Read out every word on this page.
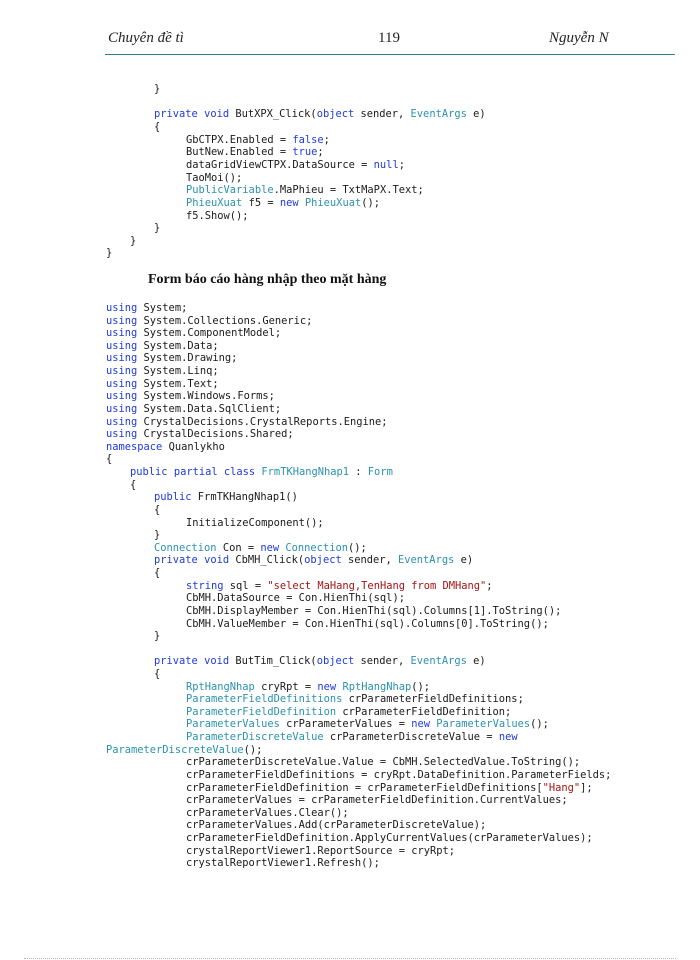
Chuyên đề tì	119	Nguyễn N
}
private void ButXPX_Click(object sender, EventArgs e)
{
GbCTPX.Enabled = false;
ButNew.Enabled = true;
dataGridViewCTPX.DataSource = null;
TaoMoi();
PublicVariable.MaPhieu = TxtMaPX.Text;
PhieuXuat f5 = new PhieuXuat();
f5.Show();
}
}
}
Form báo cáo hàng nhập theo mặt hàng
using System;
using System.Collections.Generic;
using System.ComponentModel;
using System.Data;
using System.Drawing;
using System.Linq;
using System.Text;
using System.Windows.Forms;
using System.Data.SqlClient;
using CrystalDecisions.CrystalReports.Engine;
using CrystalDecisions.Shared;
namespace Quanlykho
{
public partial class FrmTKHangNhap1 : Form
{
public FrmTKHangNhap1()
{
InitializeComponent();
}
Connection Con = new Connection();
private void CbMH_Click(object sender, EventArgs e)
{
string sql = "select MaHang,TenHang from DMHang";
CbMH.DataSource = Con.HienThi(sql);
CbMH.DisplayMember = Con.HienThi(sql).Columns[1].ToString();
CbMH.ValueMember = Con.HienThi(sql).Columns[0].ToString();
}
private void ButTim_Click(object sender, EventArgs e)
{
RptHangNhap cryRpt = new RptHangNhap();
ParameterFieldDefinitions crParameterFieldDefinitions;
ParameterFieldDefinition crParameterFieldDefinition;
ParameterValues crParameterValues = new ParameterValues();
ParameterDiscreteValue crParameterDiscreteValue = new
ParameterDiscreteValue();
crParameterDiscreteValue.Value = CbMH.SelectedValue.ToString();
crParameterFieldDefinitions = cryRpt.DataDefinition.ParameterFields;
crParameterFieldDefinition = crParameterFieldDefinitions["Hang"];
crParameterValues = crParameterFieldDefinition.CurrentValues;
crParameterValues.Clear();
crParameterValues.Add(crParameterDiscreteValue);
crParameterFieldDefinition.ApplyCurrentValues(crParameterValues);
crystalReportViewer1.ReportSource = cryRpt;
crystalReportViewer1.Refresh();
